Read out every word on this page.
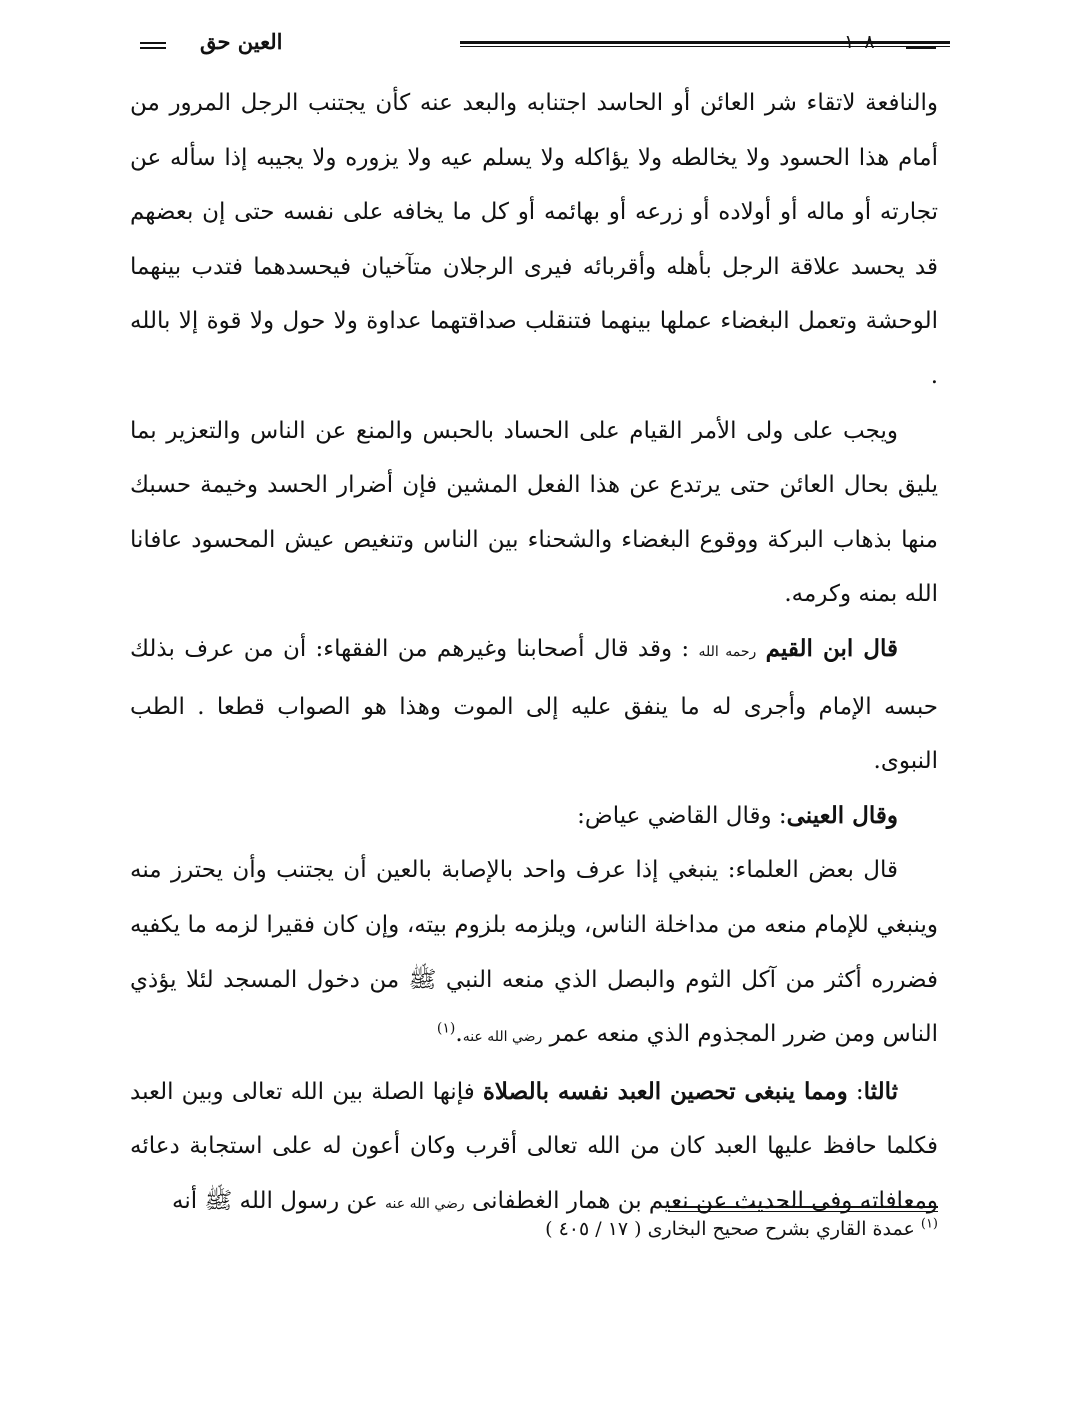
العين حق	١٠٨

والنافعة لاتقاء شر العائن أو الحاسد اجتنابه والبعد عنه كأن يجتنب الرجل المرور من أمام هذا الحسود ولا يخالطه ولا يؤاكله ولا يسلم عيه ولا يزوره ولا يجيبه إذا سأله عن تجارته أو ماله أو أولاده أو زرعه أو بهائمه أو كل ما يخافه على نفسه حتى إن بعضهم قد يحسد علاقة الرجل بأهله وأقربائه فيرى الرجلان متآخيان فيحسدهما فتدب بينهما الوحشة وتعمل البغضاء عملها بينهما فتنقلب صداقتهما عداوة ولا حول ولا قوة إلا بالله .

ويجب على ولى الأمر القيام على الحساد بالحبس والمنع عن الناس والتعزير بما يليق بحال العائن حتى يرتدع عن هذا الفعل المشين فإن أضرار الحسد وخيمة حسبك منها بذهاب البركة ووقوع البغضاء والشحناء بين الناس وتنغيص عيش المحسود عافانا الله بمنه وكرمه.

قال ابن القيم رحمه الله : وقد قال أصحابنا وغيرهم من الفقهاء: أن من عرف بذلك حبسه الإمام وأجرى له ما ينفق عليه إلى الموت وهذا هو الصواب قطعا . الطب النبوى.

وقال العينى: وقال القاضي عياض:

قال بعض العلماء: ينبغي إذا عرف واحد بالإصابة بالعين أن يجتنب وأن يحترز منه وينبغي للإمام منعه من مداخلة الناس، ويلزمه بلزوم بيته، وإن كان فقيرا لزمه ما يكفيه فضرره أكثر من آكل الثوم والبصل الذي منعه النبي ﷺ من دخول المسجد لئلا يؤذي الناس ومن ضرر المجذوم الذي منعه عمر رضي الله عنه.$^{(١)}$

ثالثا: ومما ينبغى تحصين العبد نفسه بالصلاة فإنها الصلة بين الله تعالى وبين العبد فكلما حافظ عليها العبد كان من الله تعالى أقرب وكان أعون له على استجابة دعائه ومعافاته وفى الحديث عن نعيم بن همار الغطفانى رضي الله عنه عن رسول الله ﷺ أنه

$^{(١)}$ عمدة القاري بشرح صحيح البخارى ( ١٧ / ٤٠٥ )
